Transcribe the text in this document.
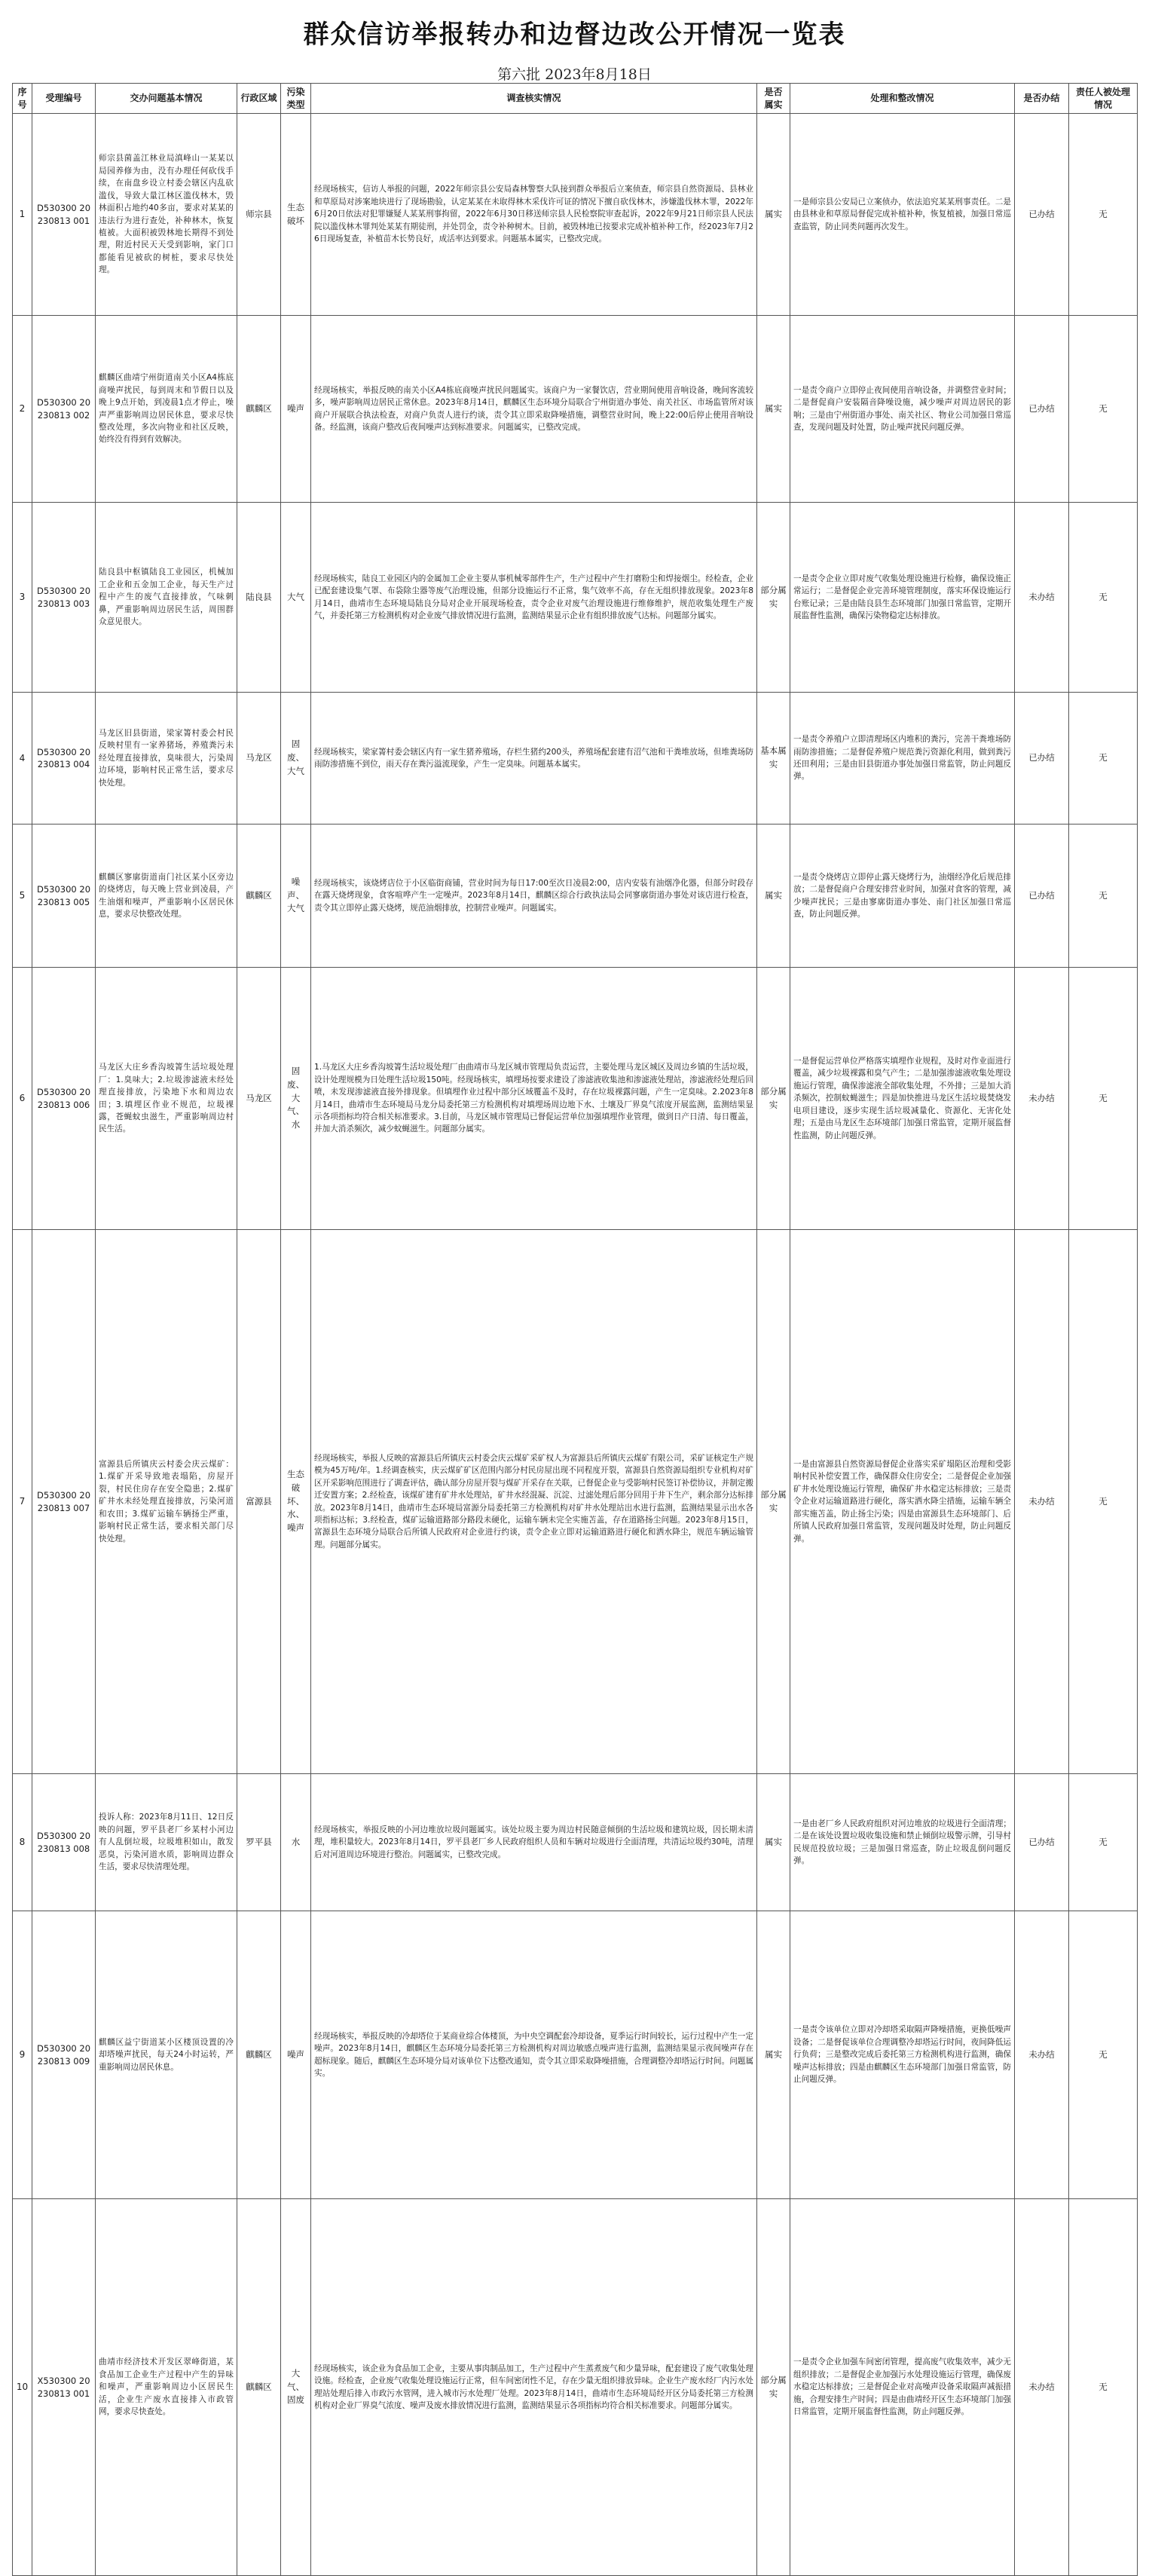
群众信访举报转办和边督边改公开情况一览表
第六批 2023年8月18日
序号	受理编号	交办问题基本情况	行政区域	污染类型	调查核实情况	是否属实	处理和整改情况	是否办结	责任人被处理情况
1	D530300 20230813 001	师宗县菌盖江林业局滇峰山一某某以局园养修为由，没有办理任何砍伐手续，在南盘乡设立村委会辖区内乱砍滥伐，导致大量江林区滥伐林木，毁林面积占地约40多亩，要求对某某的违法行为进行查处，补种林木，恢复植被。大面积被毁林地长期得不到处理，附近村民天天受到影响，家门口都能看见被砍的树桩，要求尽快处理。	师宗县	生态破坏	经现场核实，信访人举报的问题，2022年师宗县公安局森林警察大队接到群众举报后立案侦查，师宗县自然资源局、县林业和草原局对涉案地块进行了现场勘验，认定某某在未取得林木采伐许可证的情况下擅自砍伐林木，涉嫌滥伐林木罪，2022年6月20日依法对犯罪嫌疑人某某刑事拘留，2022年6月30日移送师宗县人民检察院审查起诉，2022年9月21日师宗县人民法院以滥伐林木罪判处某某有期徒刑，并处罚金，责令补种树木。目前，被毁林地已按要求完成补植补种工作，经2023年7月26日现场复查，补植苗木长势良好，成活率达到要求。问题基本属实，已整改完成。	属实	一是师宗县公安局已立案侦办，依法追究某某刑事责任。二是由县林业和草原局督促完成补植补种，恢复植被，加强日常巡查监管，防止同类问题再次发生。	已办结	无
2	D530300 20230813 002	麒麟区曲靖宁州街道南关小区A4栋底商噪声扰民，每到周末和节假日以及晚上9点开始，到凌晨1点才停止，噪声严重影响周边居民休息，要求尽快整改处理，多次向物业和社区反映，始终没有得到有效解决。	麒麟区	噪声	经现场核实，举报反映的南关小区A4栋底商噪声扰民问题属实。该商户为一家餐饮店，营业期间使用音响设备，晚间客流较多，噪声影响周边居民正常休息。2023年8月14日，麒麟区生态环境分局联合宁州街道办事处、南关社区、市场监管所对该商户开展联合执法检查，对商户负责人进行约谈，责令其立即采取降噪措施，调整营业时间，晚上22:00后停止使用音响设备。经监测，该商户整改后夜间噪声达到标准要求。问题属实，已整改完成。	属实	一是责令商户立即停止夜间使用音响设备，并调整营业时间；二是督促商户安装隔音降噪设施，减少噪声对周边居民的影响；三是由宁州街道办事处、南关社区、物业公司加强日常巡查，发现问题及时处置，防止噪声扰民问题反弹。	已办结	无
3	D530300 20230813 003	陆良县中枢镇陆良工业园区，机械加工企业和五金加工企业，每天生产过程中产生的废气直接排放，气味刺鼻，严重影响周边居民生活，周围群众意见很大。	陆良县	大气	经现场核实，陆良工业园区内的金属加工企业主要从事机械零部件生产，生产过程中产生打磨粉尘和焊接烟尘。经检查，企业已配套建设集气罩、布袋除尘器等废气治理设施，但部分设施运行不正常，集气效率不高，存在无组织排放现象。2023年8月14日，曲靖市生态环境局陆良分局对企业开展现场检查，责令企业对废气治理设施进行维修维护，规范收集处理生产废气，并委托第三方检测机构对企业废气排放情况进行监测，监测结果显示企业有组织排放废气达标。问题部分属实。	部分属实	一是责令企业立即对废气收集处理设施进行检修，确保设施正常运行；二是督促企业完善环境管理制度，落实环保设施运行台账记录；三是由陆良县生态环境部门加强日常监管，定期开展监督性监测，确保污染物稳定达标排放。	未办结	无
4	D530300 20230813 004	马龙区旧县街道，梁家箐村委会村民反映村里有一家养猪场，养殖粪污未经处理直接排放，臭味很大，污染周边环境，影响村民正常生活，要求尽快处理。	马龙区	固废、大气	经现场核实，梁家箐村委会辖区内有一家生猪养殖场，存栏生猪约200头，养殖场配套建有沼气池和干粪堆放场，但堆粪场防雨防渗措施不到位，雨天存在粪污溢流现象，产生一定臭味。问题基本属实。	基本属实	一是责令养殖户立即清理场区内堆积的粪污，完善干粪堆场防雨防渗措施；二是督促养殖户规范粪污资源化利用，做到粪污还田利用；三是由旧县街道办事处加强日常监管，防止问题反弹。	已办结	无
5	D530300 20230813 005	麒麟区寥廓街道南门社区某小区旁边的烧烤店，每天晚上营业到凌晨，产生油烟和噪声，严重影响小区居民休息，要求尽快整改处理。	麒麟区	噪声、大气	经现场核实，该烧烤店位于小区临街商铺，营业时间为每日17:00至次日凌晨2:00，店内安装有油烟净化器，但部分时段存在露天烧烤现象，食客喧哗产生一定噪声。2023年8月14日，麒麟区综合行政执法局会同寥廓街道办事处对该店进行检查，责令其立即停止露天烧烤，规范油烟排放，控制营业噪声。问题属实。	属实	一是责令烧烤店立即停止露天烧烤行为，油烟经净化后规范排放；二是督促商户合理安排营业时间，加强对食客的管理，减少噪声扰民；三是由寥廓街道办事处、南门社区加强日常巡查，防止问题反弹。	已办结	无
6	D530300 20230813 006	马龙区大庄乡香沟坡箐生活垃圾处理厂：1.臭味大；2.垃圾渗滤液未经处理直接排放，污染地下水和周边农田；3.填埋区作业不规范，垃圾裸露，苍蝇蚊虫滋生，严重影响周边村民生活。	马龙区	固废、大气、水	1.马龙区大庄乡香沟坡箐生活垃圾处理厂由曲靖市马龙区城市管理局负责运营，主要处理马龙区城区及周边乡镇的生活垃圾，设计处理规模为日处理生活垃圾150吨。经现场核实，填埋场按要求建设了渗滤液收集池和渗滤液处理站，渗滤液经处理后回喷，未发现渗滤液直接外排现象。但填埋作业过程中部分区域覆盖不及时，存在垃圾裸露问题，产生一定臭味。2.2023年8月14日，曲靖市生态环境局马龙分局委托第三方检测机构对填埋场周边地下水、土壤及厂界臭气浓度开展监测，监测结果显示各项指标均符合相关标准要求。3.目前，马龙区城市管理局已督促运营单位加强填埋作业管理，做到日产日清、每日覆盖，并加大消杀频次，减少蚊蝇滋生。问题部分属实。	部分属实	一是督促运营单位严格落实填埋作业规程，及时对作业面进行覆盖，减少垃圾裸露和臭气产生；二是加强渗滤液收集处理设施运行管理，确保渗滤液全部收集处理，不外排；三是加大消杀频次，控制蚊蝇滋生；四是加快推进马龙区生活垃圾焚烧发电项目建设，逐步实现生活垃圾减量化、资源化、无害化处理；五是由马龙区生态环境部门加强日常监管，定期开展监督性监测，防止问题反弹。	未办结	无
7	D530300 20230813 007	富源县后所镇庆云村委会庆云煤矿：1.煤矿开采导致地表塌陷，房屋开裂，村民住房存在安全隐患；2.煤矿矿井水未经处理直接排放，污染河道和农田；3.煤矿运输车辆扬尘严重，影响村民正常生活，要求相关部门尽快处理。	富源县	生态破坏、水、噪声	经现场核实，举报人反映的富源县后所镇庆云村委会庆云煤矿采矿权人为富源县后所镇庆云煤矿有限公司，采矿证核定生产规模为45万吨/年。1.经调查核实，庆云煤矿矿区范围内部分村民房屋出现不同程度开裂，富源县自然资源局组织专业机构对矿区开采影响范围进行了调查评估，确认部分房屋开裂与煤矿开采存在关联，已督促企业与受影响村民签订补偿协议，并制定搬迁安置方案；2.经检查，该煤矿建有矿井水处理站，矿井水经混凝、沉淀、过滤处理后部分回用于井下生产，剩余部分达标排放。2023年8月14日，曲靖市生态环境局富源分局委托第三方检测机构对矿井水处理站出水进行监测，监测结果显示出水各项指标达标；3.经检查，煤矿运输道路部分路段未硬化，运输车辆未完全实施苫盖，存在道路扬尘问题。2023年8月15日，富源县生态环境分局联合后所镇人民政府对企业进行约谈，责令企业立即对运输道路进行硬化和洒水降尘，规范车辆运输管理。问题部分属实。	部分属实	一是由富源县自然资源局督促企业落实采矿塌陷区治理和受影响村民补偿安置工作，确保群众住房安全；二是督促企业加强矿井水处理设施运行管理，确保矿井水稳定达标排放；三是责令企业对运输道路进行硬化，落实洒水降尘措施，运输车辆全部实施苫盖，防止扬尘污染；四是由富源县生态环境部门、后所镇人民政府加强日常监管，发现问题及时处理，防止问题反弹。	未办结	无
8	D530300 20230813 008	投诉人称：2023年8月11日、12日反映的问题，罗平县老厂乡某村小河边有人乱倒垃圾，垃圾堆积如山，散发恶臭，污染河道水质，影响周边群众生活，要求尽快清理处理。	罗平县	水	经现场核实，举报反映的小河边堆放垃圾问题属实。该处垃圾主要为周边村民随意倾倒的生活垃圾和建筑垃圾，因长期未清理，堆积量较大。2023年8月14日，罗平县老厂乡人民政府组织人员和车辆对垃圾进行全面清理，共清运垃圾约30吨，清理后对河道周边环境进行整治。问题属实，已整改完成。	属实	一是由老厂乡人民政府组织对河边堆放的垃圾进行全面清理；二是在该处设置垃圾收集设施和禁止倾倒垃圾警示牌，引导村民规范投放垃圾；三是加强日常巡查，防止垃圾乱倒问题反弹。	已办结	无
9	D530300 20230813 009	麒麟区益宁街道某小区楼顶设置的冷却塔噪声扰民，每天24小时运转，严重影响周边居民休息。	麒麟区	噪声	经现场核实，举报反映的冷却塔位于某商业综合体楼顶，为中央空调配套冷却设备，夏季运行时间较长，运行过程中产生一定噪声。2023年8月14日，麒麟区生态环境分局委托第三方检测机构对周边敏感点噪声进行监测，监测结果显示夜间噪声存在超标现象。随后，麒麟区生态环境分局对该单位下达整改通知，责令其立即采取降噪措施，合理调整冷却塔运行时间。问题属实。	属实	一是责令该单位立即对冷却塔采取隔声降噪措施，更换低噪声设备；二是督促该单位合理调整冷却塔运行时间，夜间降低运行负荷；三是整改完成后委托第三方检测机构进行监测，确保噪声达标排放；四是由麒麟区生态环境部门加强日常监管，防止问题反弹。	未办结	无
10	X530300 20230813 001	曲靖市经济技术开发区翠峰街道，某食品加工企业生产过程中产生的异味和噪声，严重影响周边小区居民生活，企业生产废水直接排入市政管网，要求尽快查处。	麒麟区	大气、固废	经现场核实，该企业为食品加工企业，主要从事肉制品加工，生产过程中产生蒸煮废气和少量异味，配套建设了废气收集处理设施。经检查，企业废气收集处理设施运行正常，但车间密闭性不足，存在少量无组织排放异味。企业生产废水经厂内污水处理站处理后排入市政污水管网，进入城市污水处理厂处理。2023年8月14日，曲靖市生态环境局经开区分局委托第三方检测机构对企业厂界臭气浓度、噪声及废水排放情况进行监测，监测结果显示各项指标均符合相关标准要求。问题部分属实。	部分属实	一是责令企业加强车间密闭管理，提高废气收集效率，减少无组织排放；二是督促企业加强污水处理设施运行管理，确保废水稳定达标排放；三是督促企业对高噪声设备采取隔声减振措施，合理安排生产时间；四是由曲靖经开区生态环境部门加强日常监管，定期开展监督性监测，防止问题反弹。	未办结	无
